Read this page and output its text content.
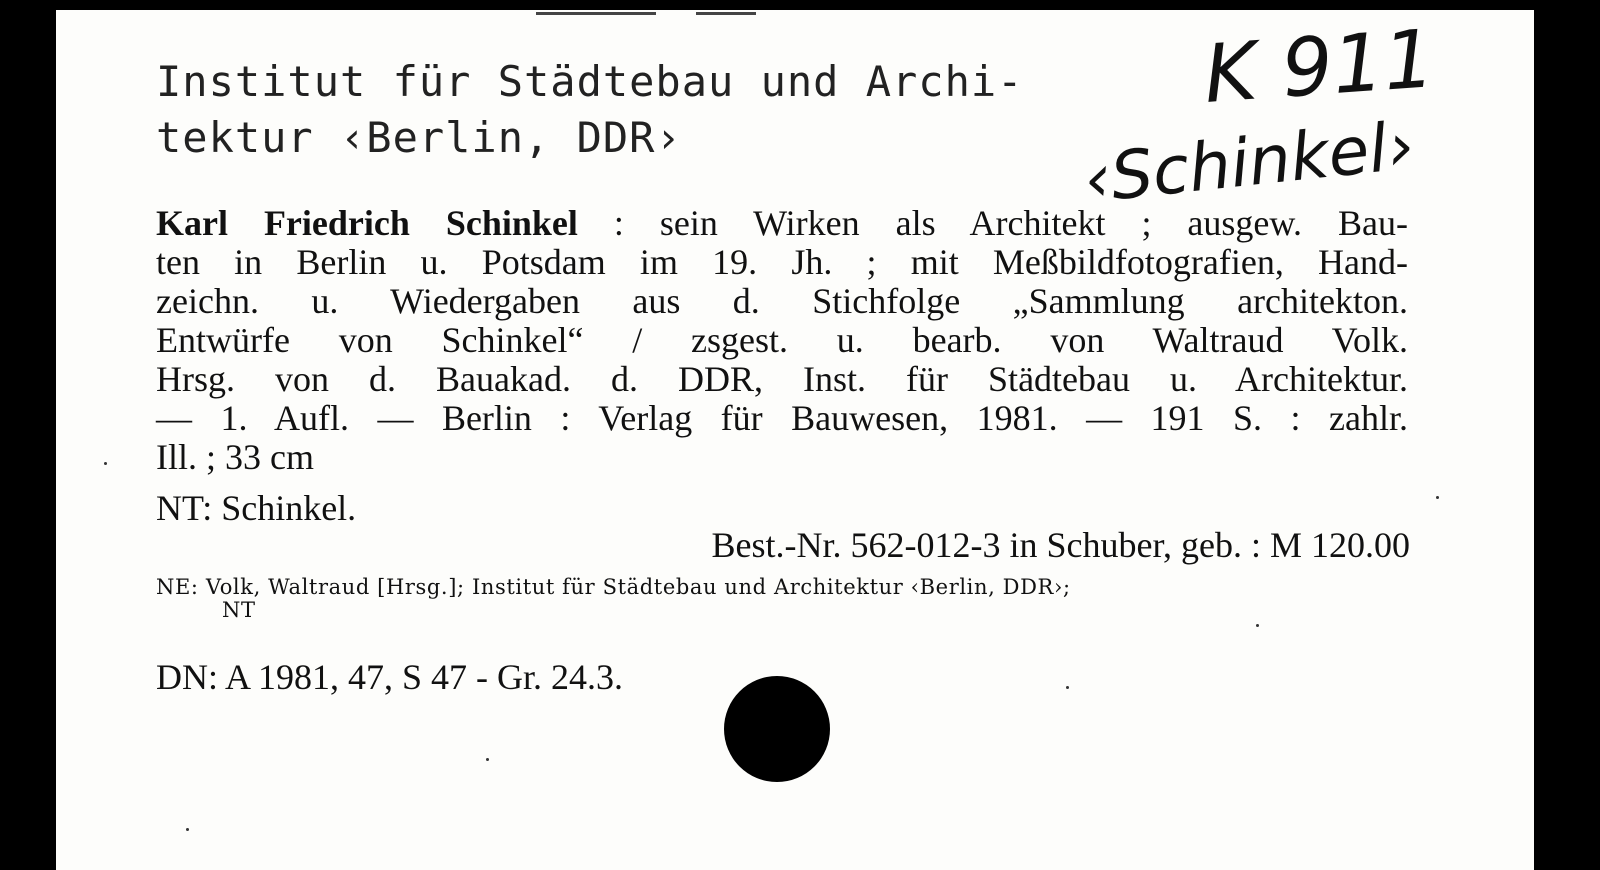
Institut für Städtebau und Archi-
tektur ‹Berlin, DDR›

K 911
‹Schinkel›
Karl Friedrich Schinkel : sein Wirken als Architekt ; ausgew. Bau-
ten in Berlin u. Potsdam im 19. Jh. ; mit Meßbildfotografien, Hand-
zeichn. u. Wiedergaben aus d. Stichfolge „Sammlung architekton.
Entwürfe von Schinkel“ / zsgest. u. bearb. von Waltraud Volk.
Hrsg. von d. Bauakad. d. DDR, Inst. für Städtebau u. Architektur.
— 1. Aufl. — Berlin : Verlag für Bauwesen, 1981. — 191 S. : zahlr.
Ill. ; 33 cm

NT: Schinkel.

Best.-Nr. 562-012-3 in Schuber, geb. : M 120.00

NE: Volk, Waltraud [Hrsg.]; Institut für Städtebau und Architektur ‹Berlin, DDR›;
NT

DN: A 1981, 47, S 47 - Gr. 24.3.
